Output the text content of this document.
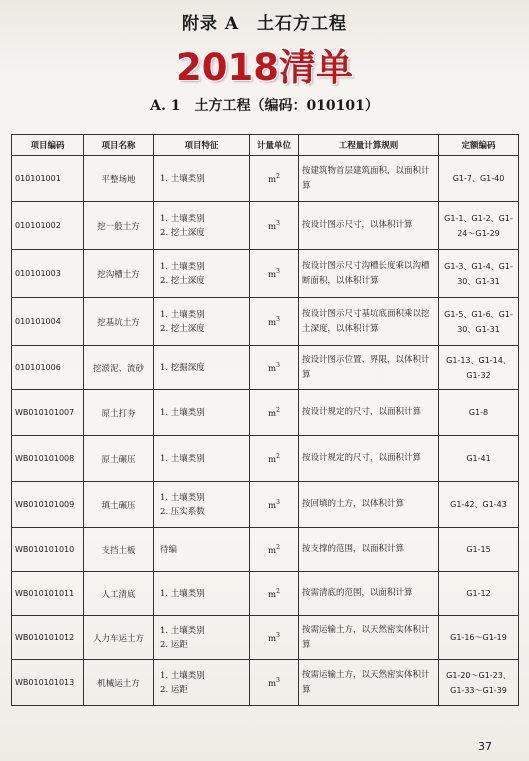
附录 A　土石方工程
2018清单
A. 1　土方工程（编码：010101）
项目编码	项目名称	项目特征	计量单位	工程量计算规则	定额编码
010101001	平整场地	1. 土壤类别	$m^2$	按建筑物首层建筑面积，以面积计算	G1-7、G1-40
010101002	挖一般土方	1. 土壤类别
2. 挖土深度	$m^3$	按设计图示尺寸，以体积计算	G1-1、G1-2、G1-24～G1-29
010101003	挖沟槽土方	1. 土壤类别
2. 挖土深度	$m^3$	按设计图示尺寸沟槽长度乘以沟槽断面积，以体积计算	G1-3、G1-4、G1-30、G1-31
010101004	挖基坑土方	1. 土壤类别
2. 挖土深度	$m^3$	按设计图示尺寸基坑底面积乘以挖土深度，以体积计算	G1-5、G1-6、G1-30、G1-31
010101006	挖淤泥、流砂	1. 挖掘深度	$m^3$	按设计图示位置、界限，以体积计算	G1-13、G1-14、G1-32
WB010101007	原土打夯	1. 土壤类别	$m^2$	按设计规定的尺寸，以面积计算	G1-8
WB010101008	原土碾压	1. 土壤类别	$m^2$	按设计规定的尺寸，以面积计算	G1-41
WB010101009	填土碾压	1. 土壤类别
2. 压实系数	$m^3$	按回填的土方，以体积计算	G1-42、G1-43
WB010101010	支挡土板	待编	$m^2$	按支撑的范围，以面积计算	G1-15
WB010101011	人工清底	1. 土壤类别	$m^2$	按需清底的范围，以面积计算	G1-12
WB010101012	人力车运土方	1. 土壤类别
2. 运距	$m^3$	按需运输土方，以天然密实体积计算	G1-16～G1-19
WB010101013	机械运土方	1. 土壤类别
2. 运距	$m^3$	按需运输土方，以天然密实体积计算	G1-20～G1-23、G1-33～G1-39
37
